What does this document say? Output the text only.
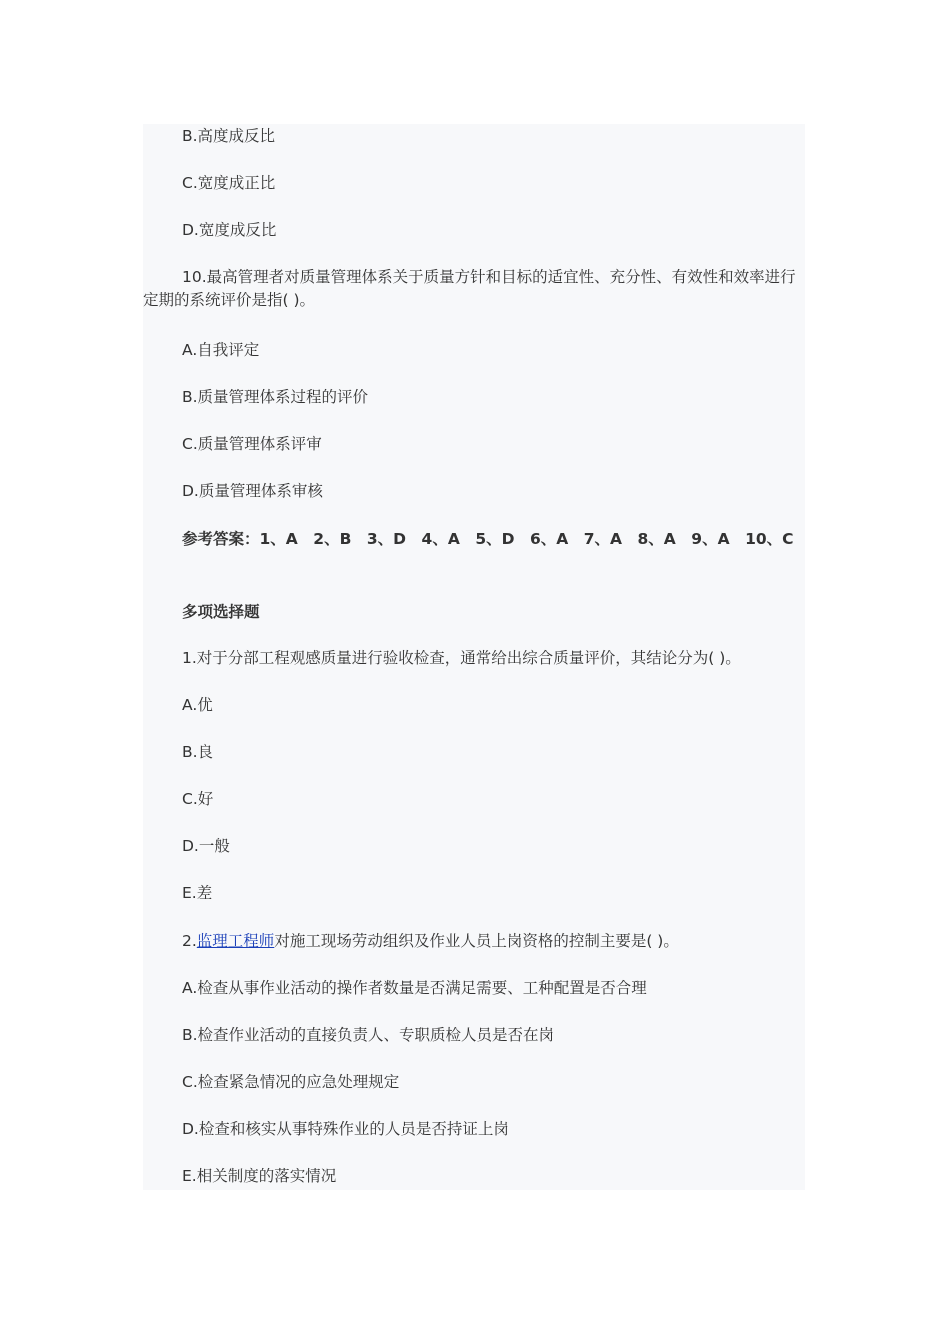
B.高度成反比
C.宽度成正比
D.宽度成反比
10.最高管理者对质量管理体系关于质量方针和目标的适宜性、充分性、有效性和效率进行定期的系统评价是指( )。
A.自我评定
B.质量管理体系过程的评价
C.质量管理体系评审
D.质量管理体系审核
参考答案：1、A　2、B　3、D　4、A　5、D　6、A　7、A　8、A　9、A　10、C
多项选择题
1.对于分部工程观感质量进行验收检查，通常给出综合质量评价，其结论分为( )。
A.优
B.良
C.好
D.一般
E.差
2.监理工程师对施工现场劳动组织及作业人员上岗资格的控制主要是( )。
A.检查从事作业活动的操作者数量是否满足需要、工种配置是否合理
B.检查作业活动的直接负责人、专职质检人员是否在岗
C.检查紧急情况的应急处理规定
D.检查和核实从事特殊作业的人员是否持证上岗
E.相关制度的落实情况
